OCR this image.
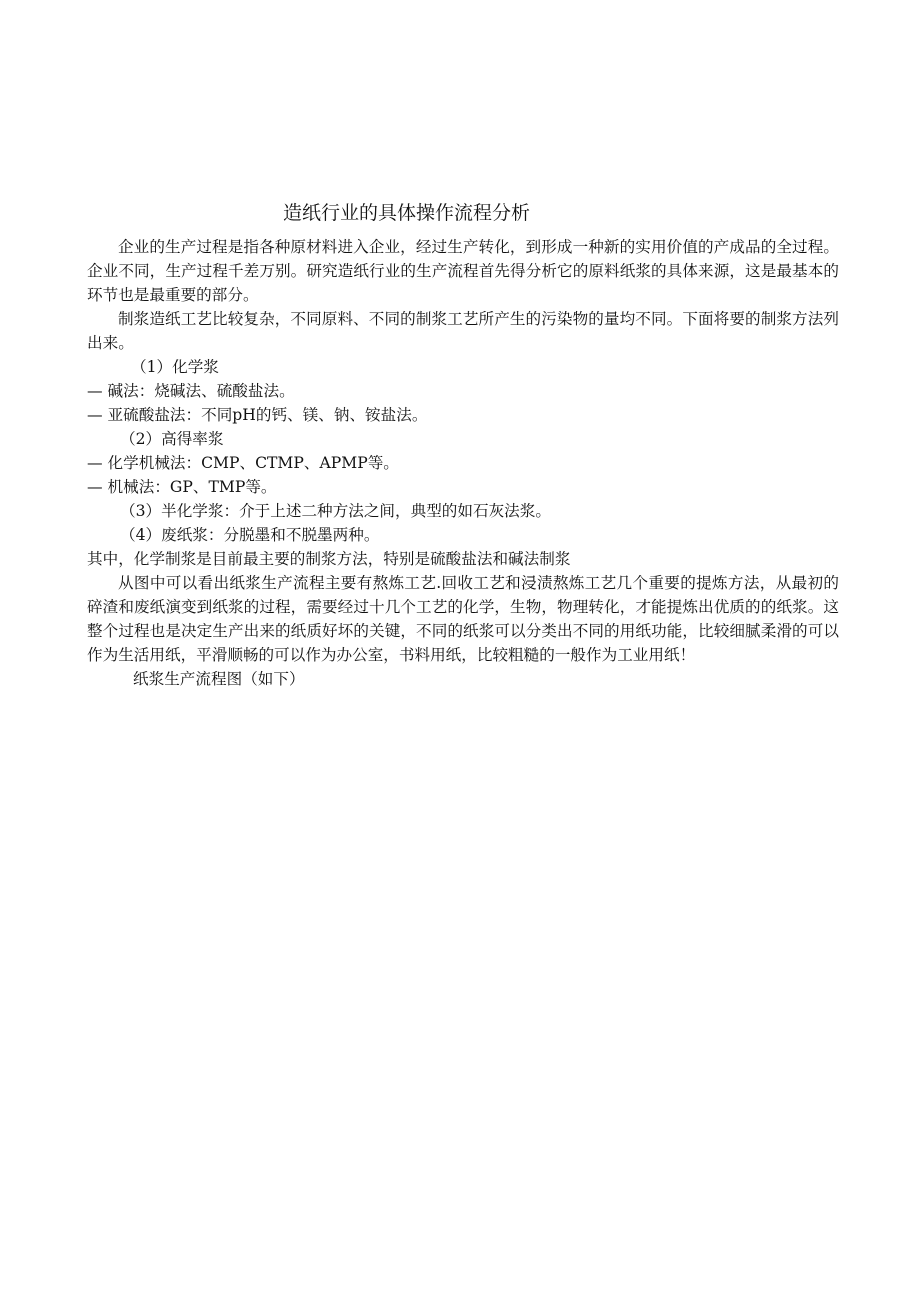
造纸行业的具体操作流程分析

企业的生产过程是指各种原材料进入企业，经过生产转化，到形成一种新的实用价值的产成品的全过程。企业不同，生产过程千差万别。研究造纸行业的生产流程首先得分析它的原料纸浆的具体来源，这是最基本的环节也是最重要的部分。

制浆造纸工艺比较复杂，不同原料、不同的制浆工艺所产生的污染物的量均不同。下面将要的制浆方法列出来。

（1）化学浆

— 碱法：烧碱法、硫酸盐法。

— 亚硫酸盐法：不同pH的钙、镁、钠、铵盐法。

（2）高得率浆

— 化学机械法：CMP、CTMP、APMP等。

— 机械法：GP、TMP等。

（3）半化学浆：介于上述二种方法之间，典型的如石灰法浆。

（4）废纸浆：分脱墨和不脱墨两种。

其中，化学制浆是目前最主要的制浆方法，特别是硫酸盐法和碱法制浆

从图中可以看出纸浆生产流程主要有熬炼工艺.回收工艺和浸渍熬炼工艺几个重要的提炼方法，从最初的碎渣和废纸演变到纸浆的过程，需要经过十几个工艺的化学，生物，物理转化，才能提炼出优质的的纸浆。这整个过程也是决定生产出来的纸质好坏的关键，不同的纸浆可以分类出不同的用纸功能，比较细腻柔滑的可以作为生活用纸，平滑顺畅的可以作为办公室，书料用纸，比较粗糙的一般作为工业用纸！

纸浆生产流程图（如下）
